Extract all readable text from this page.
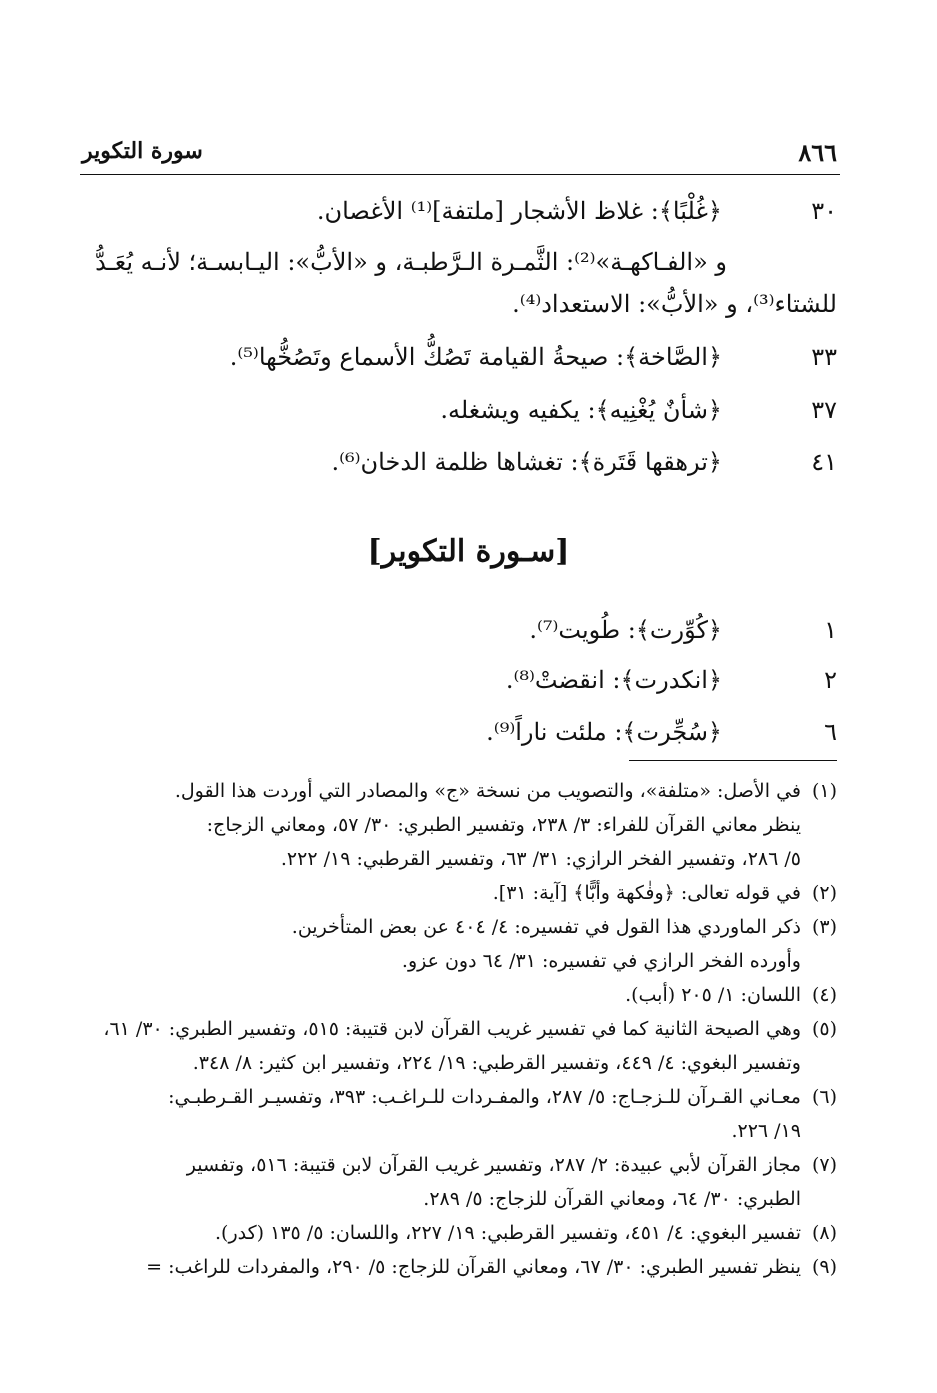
٨٦٦
سورة التكوير
٣٠
﴿غُلْبًا﴾: غلاظ الأشجار [ملتفة]⁽¹⁾ الأغصان.
و «الفـاكهـة»⁽²⁾: الثَّمـرة الـرَّطبـة، و «الأبُّ»: اليـابسـة؛ لأنـه يُعَـدُّ
للشتاء⁽³⁾، و «الأبُّ»: الاستعداد⁽⁴⁾.
٣٣
﴿الصَّاخة﴾: صيحةُ القيامة تَصُكُّ الأسماع وتَصُخُّها⁽⁵⁾.
٣٧
﴿شأنٌ يُغْنِيه﴾: يكفيه ويشغله.
٤١
﴿ترهقها قَتَرة﴾: تغشاها ظلمة الدخان⁽⁶⁾.
[سـورة التكوير]
١
﴿كُوِّرت﴾: طُويت⁽⁷⁾.
٢
﴿انكدرت﴾: انقضتْ⁽⁸⁾.
٦
﴿سُجِّرت﴾: ملئت ناراً⁽⁹⁾.
(١)
في الأصل: «متلفة»، والتصويب من نسخة «ج» والمصادر التي أوردت هذا القول.
ينظر معاني القرآن للفراء: ٣/ ٢٣٨، وتفسير الطبري: ٣٠/ ٥٧، ومعاني الزجاج:
٥/ ٢٨٦، وتفسير الفخر الرازي: ٣١/ ٦٣، وتفسير القرطبي: ١٩/ ٢٢٢.
(٢)
في قوله تعالى: ﴿وفٰكهة وأبًّا﴾ [آية: ٣١].
(٣)
ذكر الماوردي هذا القول في تفسيره: ٤/ ٤٠٤ عن بعض المتأخرين.
وأورده الفخر الرازي في تفسيره: ٣١/ ٦٤ دون عزو.
(٤)
اللسان: ١/ ٢٠٥ (أبب).
(٥)
وهي الصيحة الثانية كما في تفسير غريب القرآن لابن قتيبة: ٥١٥، وتفسير الطبري: ٣٠/ ٦١،
وتفسير البغوي: ٤/ ٤٤٩، وتفسير القرطبي: ١٩/ ٢٢٤، وتفسير ابن كثير: ٨/ ٣٤٨.
(٦)
معـاني القـرآن للـزجـاج: ٥/ ٢٨٧، والمفـردات للـراغـب: ٣٩٣، وتفسيـر القـرطبـي:
١٩/ ٢٢٦.
(٧)
مجاز القرآن لأبي عبيدة: ٢/ ٢٨٧، وتفسير غريب القرآن لابن قتيبة: ٥١٦، وتفسير
الطبري: ٣٠/ ٦٤، ومعاني القرآن للزجاج: ٥/ ٢٨٩.
(٨)
تفسير البغوي: ٤/ ٤٥١، وتفسير القرطبي: ١٩/ ٢٢٧، واللسان: ٥/ ١٣٥ (كدر).
(٩)
ينظر تفسير الطبري: ٣٠/ ٦٧، ومعاني القرآن للزجاج: ٥/ ٢٩٠، والمفردات للراغب: =
